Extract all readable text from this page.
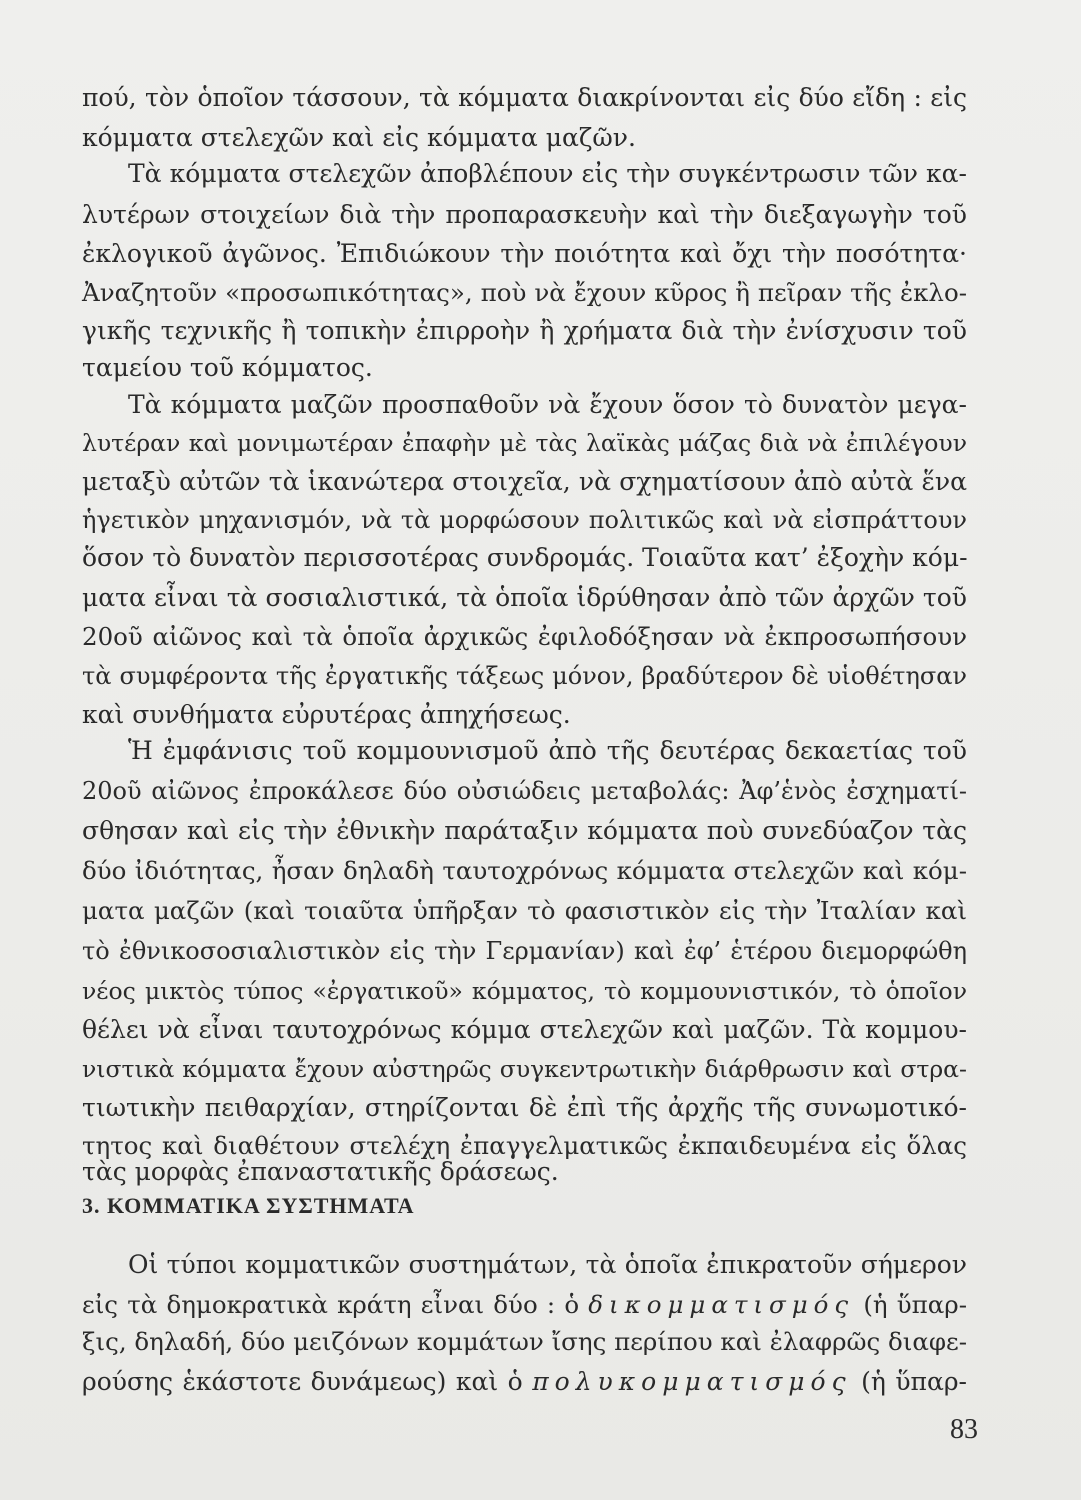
πού, τὸν ὁποῖον τάσσουν, τὰ κόμματα διακρίνονται εἰς δύο εἴδη : εἰς
κόμματα στελεχῶν καὶ εἰς κόμματα μαζῶν.
Τὰ κόμματα στελεχῶν ἀποβλέπουν εἰς τὴν συγκέντρωσιν τῶν κα-
λυτέρων στοιχείων διὰ τὴν προπαρασκευὴν καὶ τὴν διεξαγωγὴν τοῦ
ἐκλογικοῦ ἀγῶνος. Ἐπιδιώκουν τὴν ποιότητα καὶ ὄχι τὴν ποσότητα·
Ἀναζητοῦν «προσωπικότητας», ποὺ νὰ ἔχουν κῦρος ἢ πεῖραν τῆς ἐκλο-
γικῆς τεχνικῆς ἢ τοπικὴν ἐπιρροὴν ἢ χρήματα διὰ τὴν ἐνίσχυσιν τοῦ
ταμείου τοῦ κόμματος.
Τὰ κόμματα μαζῶν προσπαθοῦν νὰ ἔχουν ὅσον τὸ δυνατὸν μεγα-
λυτέραν καὶ μονιμωτέραν ἐπαφὴν μὲ τὰς λαϊκὰς μάζας διὰ νὰ ἐπιλέγουν
μεταξὺ αὐτῶν τὰ ἱκανώτερα στοιχεῖα, νὰ σχηματίσουν ἀπὸ αὐτὰ ἕνα
ἡγετικὸν μηχανισμόν, νὰ τὰ μορφώσουν πολιτικῶς καὶ νὰ εἰσπράττουν
ὅσον τὸ δυνατὸν περισσοτέρας συνδρομάς. Τοιαῦτα κατ’ ἐξοχὴν κόμ-
ματα εἶναι τὰ σοσιαλιστικά, τὰ ὁποῖα ἱδρύθησαν ἀπὸ τῶν ἀρχῶν τοῦ
20οῦ αἰῶνος καὶ τὰ ὁποῖα ἀρχικῶς ἐφιλοδόξησαν νὰ ἐκπροσωπήσουν
τὰ συμφέροντα τῆς ἐργατικῆς τάξεως μόνον, βραδύτερον δὲ υἱοθέτησαν
καὶ συνθήματα εὐρυτέρας ἀπηχήσεως.
Ἡ ἐμφάνισις τοῦ κομμουνισμοῦ ἀπὸ τῆς δευτέρας δεκαετίας τοῦ
20οῦ αἰῶνος ἐπροκάλεσε δύο οὐσιώδεις μεταβολάς: Ἀφ’ἑνὸς ἐσχηματί-
σθησαν καὶ εἰς τὴν ἐθνικὴν παράταξιν κόμματα ποὺ συνεδύαζον τὰς
δύο ἰδιότητας, ἦσαν δηλαδὴ ταυτοχρόνως κόμματα στελεχῶν καὶ κόμ-
ματα μαζῶν (καὶ τοιαῦτα ὑπῆρξαν τὸ φασιστικὸν εἰς τὴν Ἰταλίαν καὶ
τὸ ἐθνικοσοσιαλιστικὸν εἰς τὴν Γερμανίαν) καὶ ἐφ’ ἑτέρου διεμορφώθη
νέος μικτὸς τύπος «ἐργατικοῦ» κόμματος, τὸ κομμουνιστικόν, τὸ ὁποῖον
θέλει νὰ εἶναι ταυτοχρόνως κόμμα στελεχῶν καὶ μαζῶν. Τὰ κομμου-
νιστικὰ κόμματα ἔχουν αὐστηρῶς συγκεντρωτικὴν διάρθρωσιν καὶ στρα-
τιωτικὴν πειθαρχίαν, στηρίζονται δὲ ἐπὶ τῆς ἀρχῆς τῆς συνωμοτικό-
τητος καὶ διαθέτουν στελέχη ἐπαγγελματικῶς ἐκπαιδευμένα εἰς ὅλας
τὰς μορφὰς ἐπαναστατικῆς δράσεως.
3. ΚΟΜΜΑΤΙΚΑ ΣΥΣΤΗΜΑΤΑ
Οἱ τύποι κομματικῶν συστημάτων, τὰ ὁποῖα ἐπικρατοῦν σήμερον
εἰς τὰ δημοκρατικὰ κράτη εἶναι δύο : ὁ δικομματισμός (ἡ ὕπαρ-
ξις, δηλαδή, δύο μειζόνων κομμάτων ἴσης περίπου καὶ ἐλαφρῶς διαφε-
ρούσης ἑκάστοτε δυνάμεως) καὶ ὁ πολυκομματισμός (ἡ ὕπαρ-
83
